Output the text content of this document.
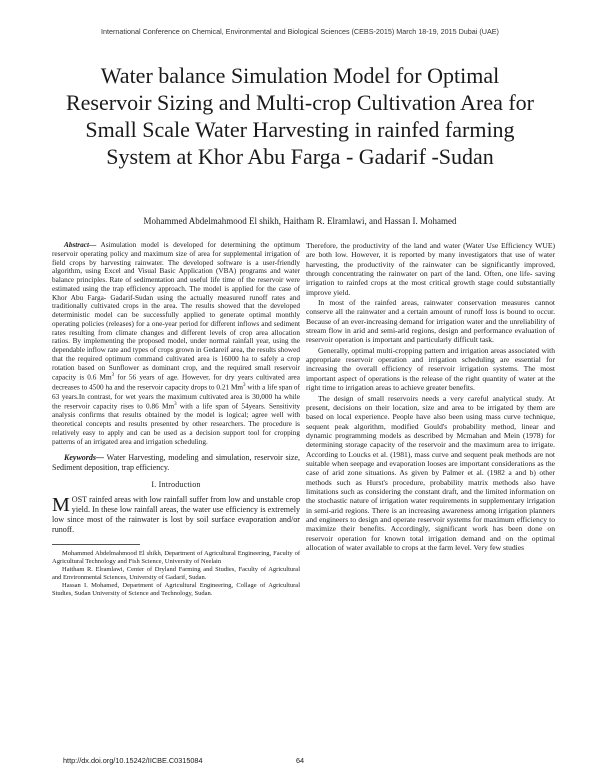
International Conference on Chemical, Environmental and Biological Sciences (CEBS-2015) March 18-19, 2015 Dubai (UAE)
Water balance Simulation Model for Optimal Reservoir Sizing and Multi-crop Cultivation Area for Small Scale Water Harvesting in rainfed farming System at Khor Abu Farga - Gadarif -Sudan
Mohammed Abdelmahmood El shikh, Haitham R. Elramlawi, and Hassan I. Mohamed

Abstract— Asimulation model is developed for determining the optimum reservoir operating policy and maximum size of area for supplemental irrigation of field crops by harvesting rainwater. The developed software is a user-friendly algorithm, using Excel and Visual Basic Application (VBA) programs and water balance principles. Rate of sedimentation and useful life time of the reservoir were estimated using the trap efficiency approach. The model is applied for the case of Khor Abu Farga- Gadarif-Sudan using the actually measured runoff rates and traditionally cultivated crops in the area. The results showed that the developed deterministic model can be successfully applied to generate optimal monthly operating policies (releases) for a one-year period for different inflows and sediment rates resulting from climate changes and different levels of crop area allocation ratios. By implementing the proposed model, under normal rainfall year, using the dependable inflow rate and types of crops grown in Gedareif area, the results showed that the required optimum command cultivated area is 16000 ha to safely a crop rotation based on Sunflower as dominant crop, and the required small reservoir capacity is 0.6 Mm$^3$ for 56 years of age. However, for dry years cultivated area decreases to 4500 ha and the reservoir capacity drops to 0.21 Mm$^3$ with a life span of 63 years.In contrast, for wet years the maximum cultivated area is 30,000 ha while the reservoir capacity rises to 0.86 Mm$^3$ with a life span of 54years. Sensitivity analysis confirms that results obtained by the model is logical; agree well with theoretical concepts and results presented by other researchers. The procedure is relatively easy to apply and can be used as a decision support tool for cropping patterns of an irrigated area and irrigation scheduling.

Keywords— Water Harvesting, modeling and simulation, reservoir size, Sediment deposition, trap efficiency.

I. Introduction

MOST rainfed areas with low rainfall suffer from low and unstable crop yield. In these low rainfall areas, the water use efficiency is extremely low since most of the rainwater is lost by soil surface evaporation and/or runoff.

Mohammed Abdelmahmood El shikh, Department of Agricultural Engineering, Faculty of Agricultural Technology and Fish Science, University of Neelain

Haitham R. Elramlawi, Center of Dryland Farming and Studies, Faculty of Agricultural and Environmental Sciences, University of Gadarif, Sudan.

Hassan I. Mohamed, Department of Agricultural Engineering, Collage of Agricultural Studies, Sudan University of Science and Technology, Sudan.

Therefore, the productivity of the land and water (Water Use Efficiency WUE) are both low. However, it is reported by many investigators that use of water harvesting, the productivity of the rainwater can be significantly improved, through concentrating the rainwater on part of the land. Often, one life- saving irrigation to rainfed crops at the most critical growth stage could substantially improve yield.

In most of the rainfed areas, rainwater conservation measures cannot conserve all the rainwater and a certain amount of runoff loss is bound to occur. Because of an ever-increasing demand for irrigation water and the unreliability of stream flow in arid and semi-arid regions, design and performance evaluation of reservoir operation is important and particularly difficult task.

Generally, optimal multi-cropping pattern and irrigation areas associated with appropriate reservoir operation and irrigation scheduling are essential for increasing the overall efficiency of reservoir irrigation systems. The most important aspect of operations is the release of the right quantity of water at the right time to irrigation areas to achieve greater benefits.

The design of small reservoirs needs a very careful analytical study. At present, decisions on their location, size and area to be irrigated by them are based on local experience. People have also been using mass curve technique, sequent peak algorithm, modified Gould's probability method, linear and dynamic programming models as described by Mcmahan and Mein (1978) for determining storage capacity of the reservoir and the maximum area to irrigate. According to Loucks et al. (1981), mass curve and sequent peak methods are not suitable when seepage and evaporation looses are important considerations as the case of arid zone situations. As given by Palmer et al. (1982 a and b) other methods such as Hurst's procedure, probability matrix methods also have limitations such as considering the constant draft, and the limited information on the stochastic nature of irrigation water requirements in supplementary irrigation in semi-arid regions. There is an increasing awareness among irrigation planners and engineers to design and operate reservoir systems for maximum efficiency to maximize their benefits. Accordingly, significant work has been done on reservoir operation for known total irrigation demand and on the optimal allocation of water available to crops at the farm level. Very few studies

http://dx.doi.org/10.15242/IICBE.C0315084	64
